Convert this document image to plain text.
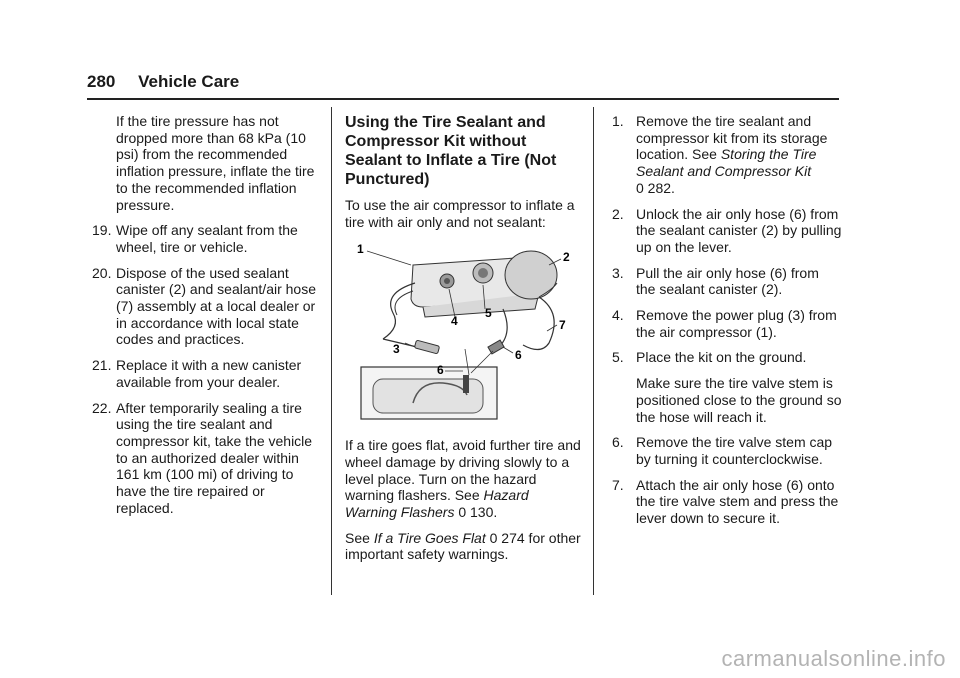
280 Vehicle Care

If the tire pressure has not dropped more than 68 kPa (10 psi) from the recommended inflation pressure, inflate the tire to the recommended inflation pressure.

19. Wipe off any sealant from the wheel, tire or vehicle.
20. Dispose of the used sealant canister (2) and sealant/air hose (7) assembly at a local dealer or in accordance with local state codes and practices.
21. Replace it with a new canister available from your dealer.
22. After temporarily sealing a tire using the tire sealant and compressor kit, take the vehicle to an authorized dealer within 161 km (100 mi) of driving to have the tire repaired or replaced.
Using the Tire Sealant and Compressor Kit without Sealant to Inflate a Tire (Not Punctured)

To use the air compressor to inflate a tire with air only and not sealant:

1
2
3
4
5
6
6
7

If a tire goes flat, avoid further tire and wheel damage by driving slowly to a level place. Turn on the hazard warning flashers. See Hazard Warning Flashers 0 130.

See If a Tire Goes Flat 0 274 for other important safety warnings.

1. Remove the tire sealant and compressor kit from its storage location. See Storing the Tire Sealant and Compressor Kit
0 282.
2. Unlock the air only hose (6) from the sealant canister (2) by pulling up on the lever.
3. Pull the air only hose (6) from the sealant canister (2).
4. Remove the power plug (3) from the air compressor (1).
5. Place the kit on the ground.

Make sure the tire valve stem is positioned close to the ground so the hose will reach it.

6. Remove the tire valve stem cap by turning it counterclockwise.
7. Attach the air only hose (6) onto the tire valve stem and press the lever down to secure it.
carmanualsonline.info
